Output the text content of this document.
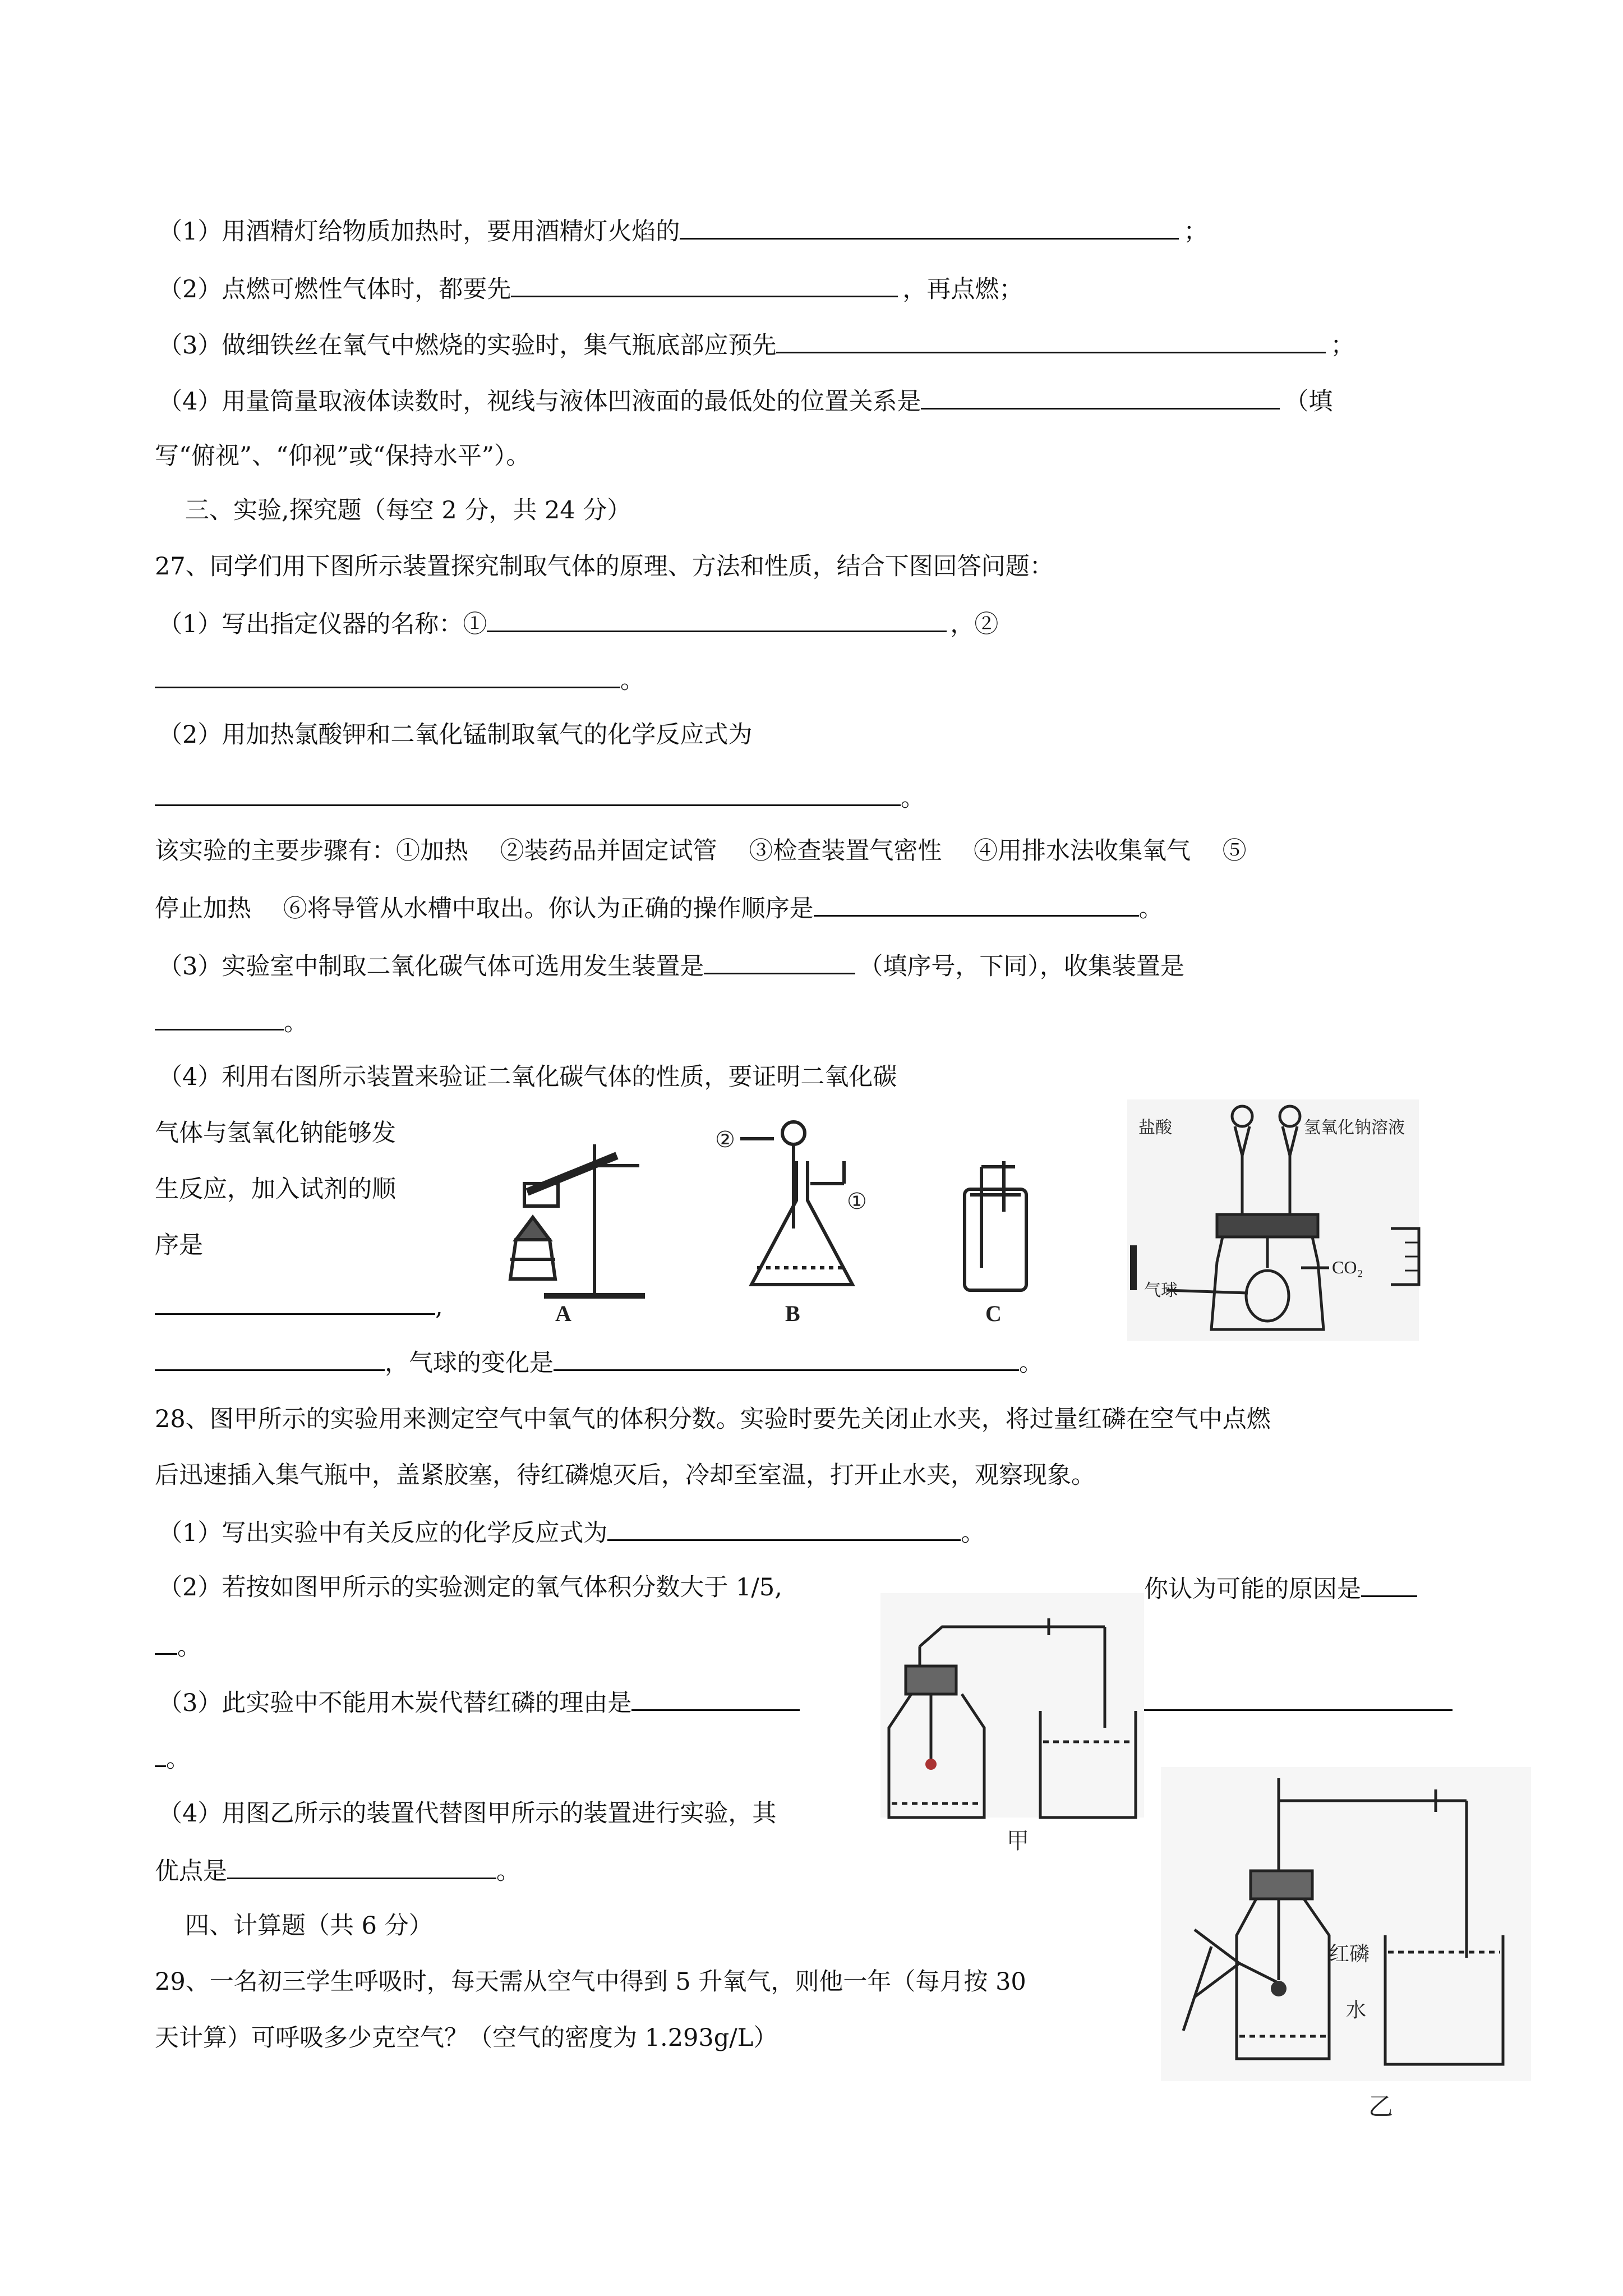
（1）用酒精灯给物质加热时，要用酒精灯火焰的	；
（2）点燃可燃性气体时，都要先	，再点燃；
（3）做细铁丝在氧气中燃烧的实验时，集气瓶底部应预先	；
（4）用量筒量取液体读数时，视线与液体凹液面的最低处的位置关系是	（填
写“俯视”、“仰视”或“保持水平”）。
三、实验,探究题（每空 2 分，共 24 分）
27、同学们用下图所示装置探究制取气体的原理、方法和性质，结合下图回答问题：
（1）写出指定仪器的名称：①	，②
。
（2）用加热氯酸钾和二氧化锰制取氧气的化学反应式为
。
该实验的主要步骤有：①加热　 ②装药品并固定试管　 ③检查装置气密性　 ④用排水法收集氧气　 ⑤
停止加热　 ⑥将导管从水槽中取出。你认为正确的操作顺序是	。
（3）实验室中制取二氧化碳气体可选用发生装置是	（填序号，下同），收集装置是
。
（4）利用右图所示装置来验证二氧化碳气体的性质，要证明二氧化碳
气体与氢氧化钠能够发
生反应，加入试剂的顺
序是
,
，气球的变化是	。
A
②
①
B	C
盐酸	氢氧化钠溶液
CO₂
气球
28、图甲所示的实验用来测定空气中氧气的体积分数。实验时要先关闭止水夹，将过量红磷在空气中点燃
后迅速插入集气瓶中，盖紧胶塞，待红磷熄灭后，冷却至室温，打开止水夹，观察现象。
（1）写出实验中有关反应的化学反应式为	。
（2）若按如图甲所示的实验测定的氧气体积分数大于 1/5,	你认为可能的原因是
。
（3）此实验中不能用木炭代替红磷的理由是
。
（4）用图乙所示的装置代替图甲所示的装置进行实验，其
优点是	。
甲
红磷
水
乙
四、计算题（共 6 分）
29、一名初三学生呼吸时，每天需从空气中得到 5 升氧气，则他一年（每月按 30
天计算）可呼吸多少克空气？（空气的密度为 1.293g/L）
